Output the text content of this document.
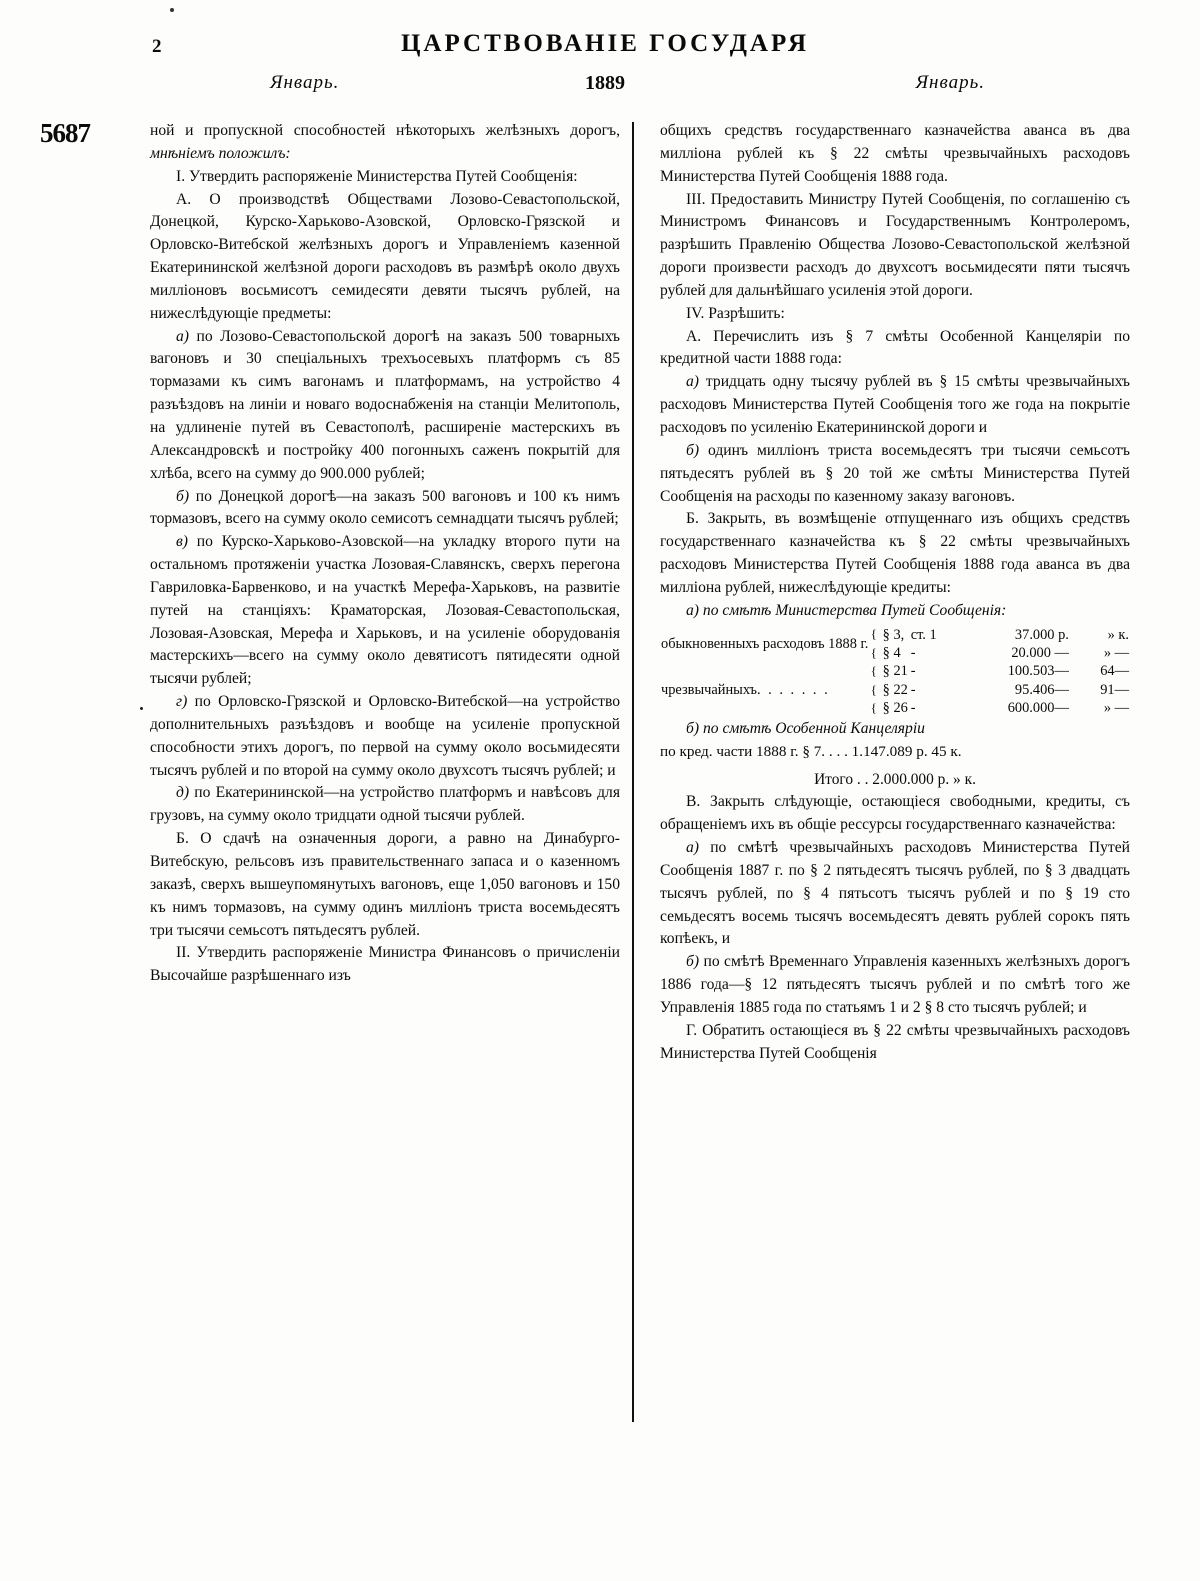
2	ЦАРСТВОВАНIЕ ГОСУДАРЯ
Январь.	1889	Январь.
5687	ной и пропускной способностей нѣкоторыхъ желѣзныхъ дорогъ, мнѣнiемъ положилъ:

I. Утвердить распоряженiе Министерства Путей Сообщенiя:

А. О производствѣ Обществами Лозово-Севастопольской, Донецкой, Курско-Харьково-Азовской, Орловско-Грязской и Орловско-Витебской желѣзныхъ дорогъ и Управленiемъ казенной Екатерининской желѣзной дороги расходовъ въ размѣрѣ около двухъ миллiоновъ восьмисотъ семидесяти девяти тысячъ рублей, на нижеслѣдующiе предметы:

а) по Лозово-Севастопольской дорогѣ на заказъ 500 товарныхъ вагоновъ и 30 спецiальныхъ трехъосевыхъ платформъ съ 85 тормазами къ симъ вагонамъ и платформамъ, на устройство 4 разъѣздовъ на линiи и новаго водоснабженiя на станцiи Мелитополь, на удлиненiе путей въ Севастополѣ, расширенiе мастерскихъ въ Александровскѣ и постройку 400 погонныхъ саженъ покрытiй для хлѣба, всего на сумму до 900.000 рублей;

б) по Донецкой дорогѣ—на заказъ 500 вагоновъ и 100 къ нимъ тормазовъ, всего на сумму около семисотъ семнадцати тысячъ рублей;

в) по Курско-Харьково-Азовской—на укладку второго пути на остальномъ протяженiи участка Лозовая-Славянскъ, сверхъ перегона Гавриловка-Барвенково, и на участкѣ Мерефа-Харьковъ, на развитiе путей на станцiяхъ: Краматорская, Лозовая-Севастопольская, Лозовая-Азовская, Мерефа и Харьковъ, и на усиленiе оборудованiя мастерскихъ—всего на сумму около девятисотъ пятидесяти одной тысячи рублей;

г) по Орловско-Грязской и Орловско-Витебской—на устройство дополнительныхъ разъѣздовъ и вообще на усиленiе пропускной способности этихъ дорогъ, по первой на сумму около восьмидесяти тысячъ рублей и по второй на сумму около двухсотъ тысячъ рублей; и

д) по Екатерининской—на устройство платформъ и навѣсовъ для грузовъ, на сумму около тридцати одной тысячи рублей.

Б. О сдачѣ на означенныя дороги, а равно на Динабурго-Витебскую, рельсовъ изъ правительственнаго запаса и о казенномъ заказѣ, сверхъ вышеупомянутыхъ вагоновъ, еще 1,050 вагоновъ и 150 къ нимъ тормазовъ, на сумму одинъ миллiонъ триста восемьдесятъ три тысячи семьсотъ пятьдесятъ рублей.

II. Утвердить распоряженiе Министра Финансовъ о причисленiи Высочайше разрѣшеннаго изъ

общихъ средствъ государственнаго казначейства аванса въ два миллiона рублей къ § 22 смѣты чрезвычайныхъ расходовъ Министерства Путей Сообщенiя 1888 года.

III. Предоставить Министру Путей Сообщенiя, по соглашенiю съ Министромъ Финансовъ и Государственнымъ Контролеромъ, разрѣшить Правленiю Общества Лозово-Севастопольской желѣзной дороги произвести расходъ до двухсотъ восьмидесяти пяти тысячъ рублей для дальнѣйшаго усиленiя этой дороги.

IV. Разрѣшить:

А. Перечислить изъ § 7 смѣты Особенной Канцелярiи по кредитной части 1888 года:

а) тридцать одну тысячу рублей въ § 15 смѣты чрезвычайныхъ расходовъ Министерства Путей Сообщенiя того же года на покрытiе расходовъ по усиленiю Екатерининской дороги и

б) одинъ миллiонъ триста восемьдесятъ три тысячи семьсотъ пятьдесятъ рублей въ § 20 той же смѣты Министерства Путей Сообщенiя на расходы по казенному заказу вагоновъ.

Б. Закрыть, въ возмѣщенiе отпущеннаго изъ общихъ средствъ государственнаго казначейства къ § 22 смѣты чрезвычайныхъ расходовъ Министерства Путей Сообщенiя 1888 года аванса въ два миллiона рублей, нижеслѣдующiе кредиты:

а) по смѣтѣ Министерства Путей Сообщенiя:

обыкновенныхъ расходовъ 1888 г.	{	§ 3,	ст. 1	37.000 р.	» к.
	{	§ 4	-	20.000 —	» —
чрезвычайныхъ. . . . . . .	{	§ 21	-	100.503—	64—
	{	§ 22	-	95.406—	91—
	{	§ 26	-	600.000—	» —

б) по смѣтѣ Особенной Канцелярiи

по кред. части 1888 г. § 7. . . . 1.147.089 р. 45 к.

Итого . . 2.000.000 р. » к.

В. Закрыть слѣдующiе, остающiеся свободными, кредиты, съ обращенiемъ ихъ въ общiе рессурсы государственнаго казначейства:

а) по смѣтѣ чрезвычайныхъ расходовъ Министерства Путей Сообщенiя 1887 г. по § 2 пятьдесятъ тысячъ рублей, по § 3 двадцать тысячъ рублей, по § 4 пятьсотъ тысячъ рублей и по § 19 сто семьдесятъ восемь тысячъ восемьдесятъ девять рублей сорокъ пять копѣекъ, и

б) по смѣтѣ Временнаго Управленiя казенныхъ желѣзныхъ дорогъ 1886 года—§ 12 пятьдесятъ тысячъ рублей и по смѣтѣ того же Управленiя 1885 года по статьямъ 1 и 2 § 8 сто тысячъ рублей; и

Г. Обратить остающiеся въ § 22 смѣты чрезвычайныхъ расходовъ Министерства Путей Сообщенiя
